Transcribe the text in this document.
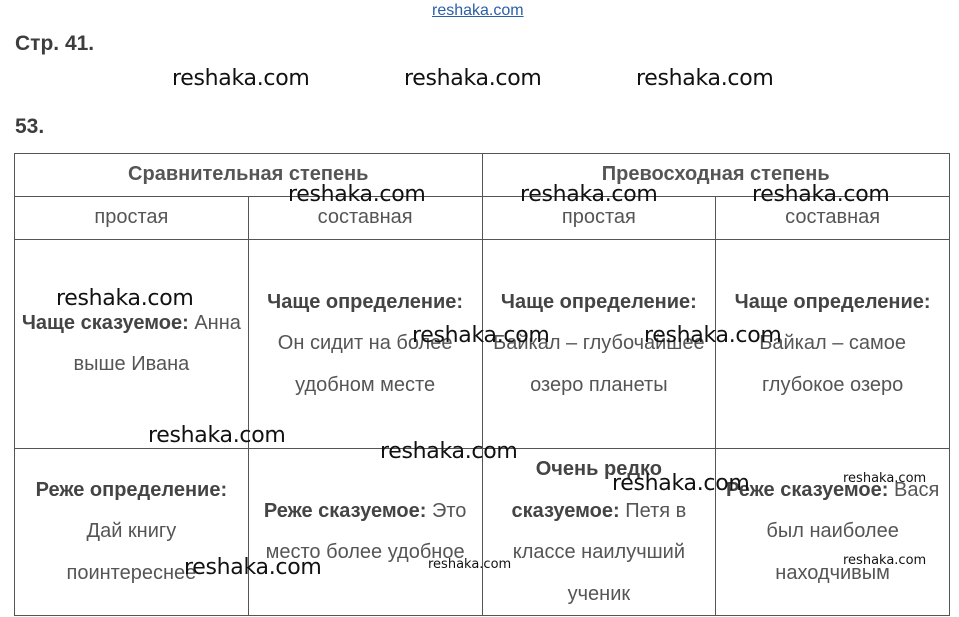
reshaka.com
Стр. 41.
53.
Сравнительная степень		Превосходная степень	
простая	составная	простая	составная
Чаще сказуемое: Анна выше Ивана	Чаще определение: Он сидит на более удобном месте	Чаще определение: Байкал – глубочайшее озеро планеты	Чаще определение: Байкал – самое глубокое озеро
Реже определение: Дай книгу поинтереснее	Реже сказуемое: Это место более удобное	Очень редко сказуемое: Петя в классе наилучший ученик	Реже сказуемое: Вася был наиболее находчивым
reshaka.com	reshaka.com	reshaka.com
reshaka.com	reshaka.com	reshaka.com
reshaka.com
reshaka.com	reshaka.com
reshaka.com
reshaka.com
reshaka.com
reshaka.com
reshaka.com
reshaka.com
reshaka.com
